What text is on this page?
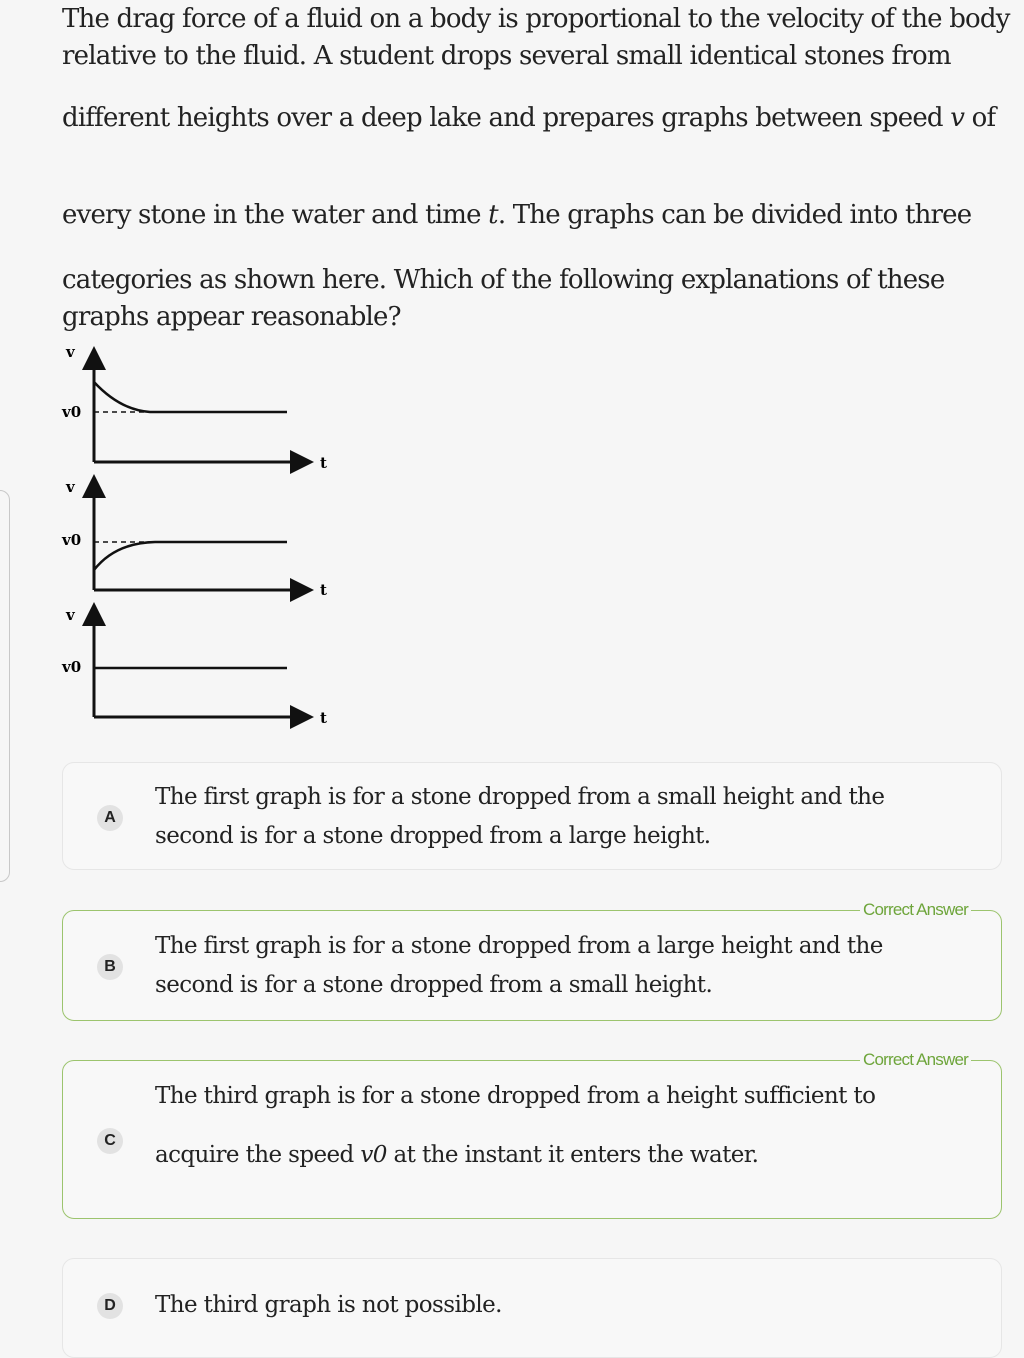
The drag force of a fluid on a body is proportional to the velocity of the body
relative to the fluid. A student drops several small identical stones from
different heights over a deep lake and prepares graphs between speed v of
every stone in the water and time t. The graphs can be divided into three
categories as shown here. Which of the following explanations of these
graphs appear reasonable?
v
v0
t
v
v0
t
v
v0
t
A
The first graph is for a stone dropped from a small height and the
second is for a stone dropped from a large height.
Correct Answer
B
The first graph is for a stone dropped from a large height and the
second is for a stone dropped from a small height.
Correct Answer
C
The third graph is for a stone dropped from a height sufficient to
acquire the speed v0 at the instant it enters the water.
D	The third graph is not possible.
